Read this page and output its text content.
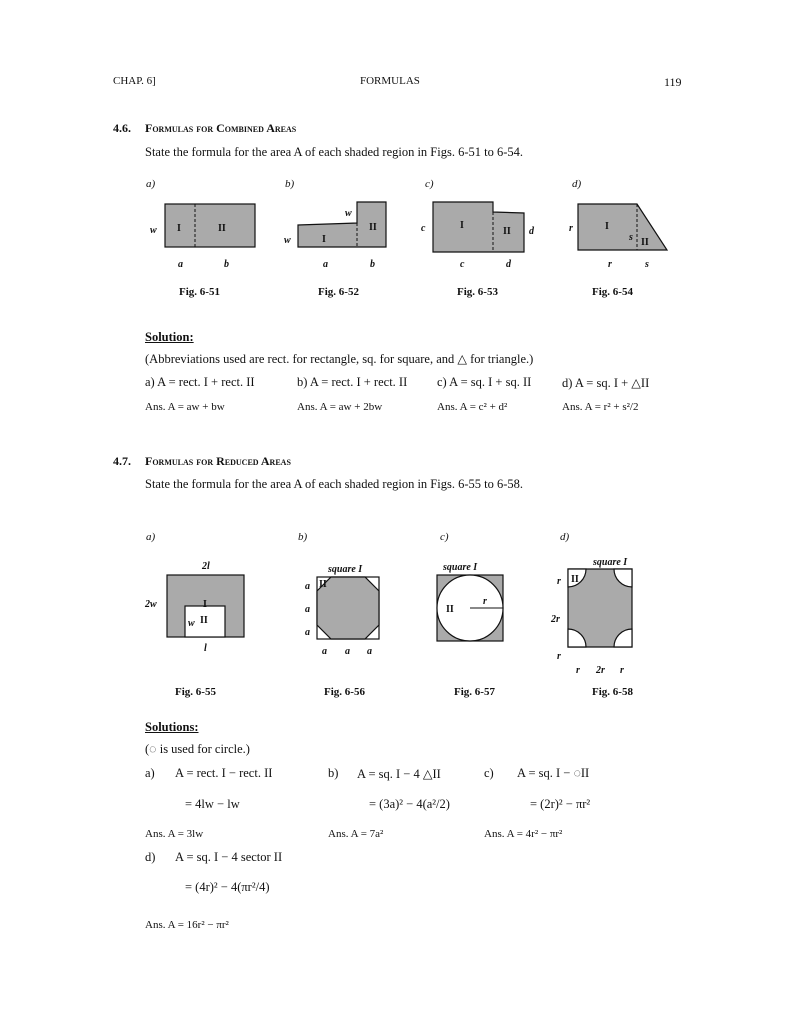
CHAP. 6]	FORMULAS	119
4.6. Formulas for Combined Areas
State the formula for the area A of each shaded region in Figs. 6-51 to 6-54.
a)	b)	c)	d)
w I	II
a	b
w
w
I
II
a	b
c	I
II d
c	d
r	I
s II
r	s
Fig. 6-51	Fig. 6-52	Fig. 6-53	Fig. 6-54
Solution:
(Abbreviations used are rect. for rectangle, sq. for square, and △ for triangle.)
a) A = rect. I + rect. II	b) A = rect. I + rect. II c) A = sq. I + sq. II d) A = sq. I + △II
Ans. A = aw + bw	Ans. A = aw + 2bw	Ans. A = c² + d²	Ans. A = r² + s²/2
4.7. Formulas for Reduced Areas
State the formula for the area A of each shaded region in Figs. 6-55 to 6-58.
a)	b)	c)	d)
2l
2w	I
w II
l
square I
II
a
a
a
a a a
square I
II
r
square I
II
r
2r
r
r 2r r
Fig. 6-55	Fig. 6-56	Fig. 6-57	Fig. 6-58
Solutions:
(◌ is used for circle.)
a) A = rect. I − rect. II
= 4lw − lw
Ans. A = 3lw
b) A = sq. I − 4 △II
= (3a)² − 4(a²/2)
Ans. A = 7a²
c) A = sq. I − ◌II
= (2r)² − πr²
Ans. A = 4r² − πr²
d) A = sq. I − 4 sector II
= (4r)² − 4(πr²/4)
Ans. A = 16r² − πr²
